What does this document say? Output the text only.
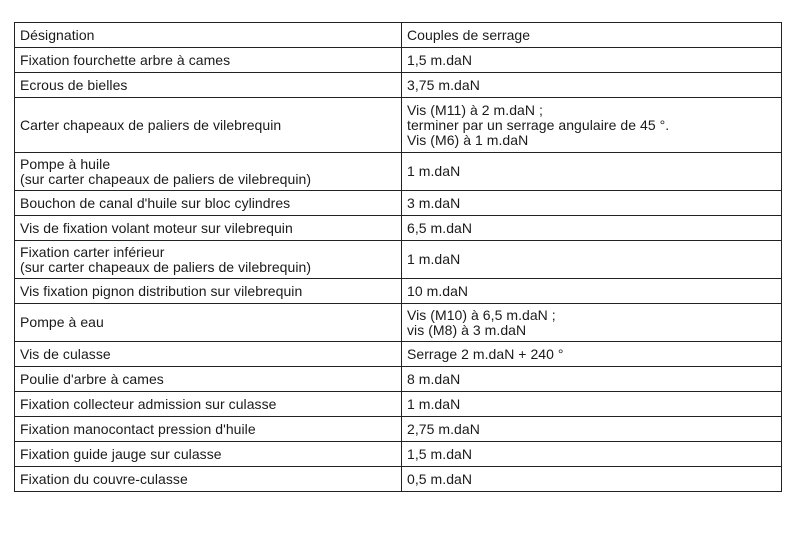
Désignation	Couples de serrage
Fixation fourchette arbre à cames	1,5 m.daN
Ecrous de bielles	3,75 m.daN
Carter chapeaux de paliers de vilebrequin	Vis (M11) à 2 m.daN ;
terminer par un serrage angulaire de 45 °.
Vis (M6) à 1 m.daN
Pompe à huile
(sur carter chapeaux de paliers de vilebrequin)	1 m.daN
Bouchon de canal d'huile sur bloc cylindres	3 m.daN
Vis de fixation volant moteur sur vilebrequin	6,5 m.daN
Fixation carter inférieur
(sur carter chapeaux de paliers de vilebrequin)	1 m.daN
Vis fixation pignon distribution sur vilebrequin	10 m.daN
Pompe à eau	Vis (M10) à 6,5 m.daN ;
vis (M8) à 3 m.daN
Vis de culasse	Serrage 2 m.daN + 240 °
Poulie d'arbre à cames	8 m.daN
Fixation collecteur admission sur culasse	1 m.daN
Fixation manocontact pression d'huile	2,75 m.daN
Fixation guide jauge sur culasse	1,5 m.daN
Fixation du couvre-culasse	0,5 m.daN
